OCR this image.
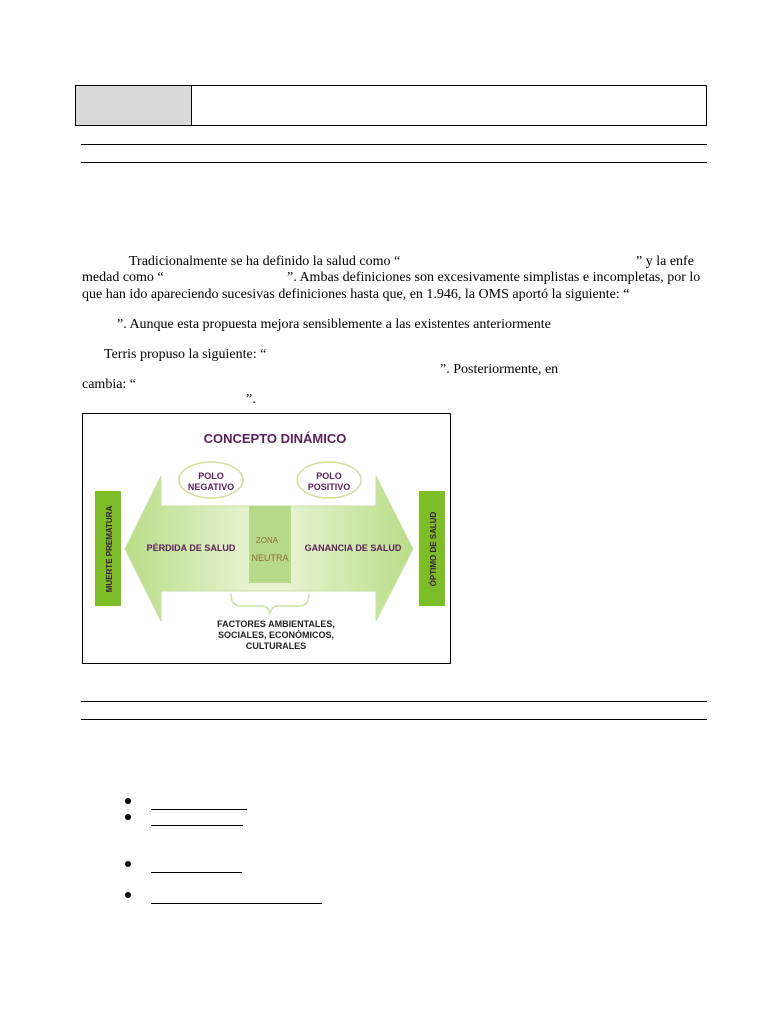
Tradicionalmente se ha definido la salud como “	” y la enfe
medad como “	”. Ambas definiciones son excesivamente simplistas e incompletas, por lo
que han ido apareciendo sucesivas definiciones hasta que, en 1.946, la OMS aportó la siguiente: “
”. Aunque esta propuesta mejora sensiblemente a las existentes anteriormente
Terris propuso la siguiente: “
”. Posteriormente, en
cambia: “
”.
CONCEPTO DINÁMICO
POLO
NEGATIVO
POLO
POSITIVO
PÉRDIDA DE SALUD	GANANCIA DE SALUD
ZONA
NEUTRA
MUERTE PREMATURA	ÓPTIMO DE SALUD
FACTORES AMBIENTALES,
SOCIALES, ECONÓMICOS,
CULTURALES
